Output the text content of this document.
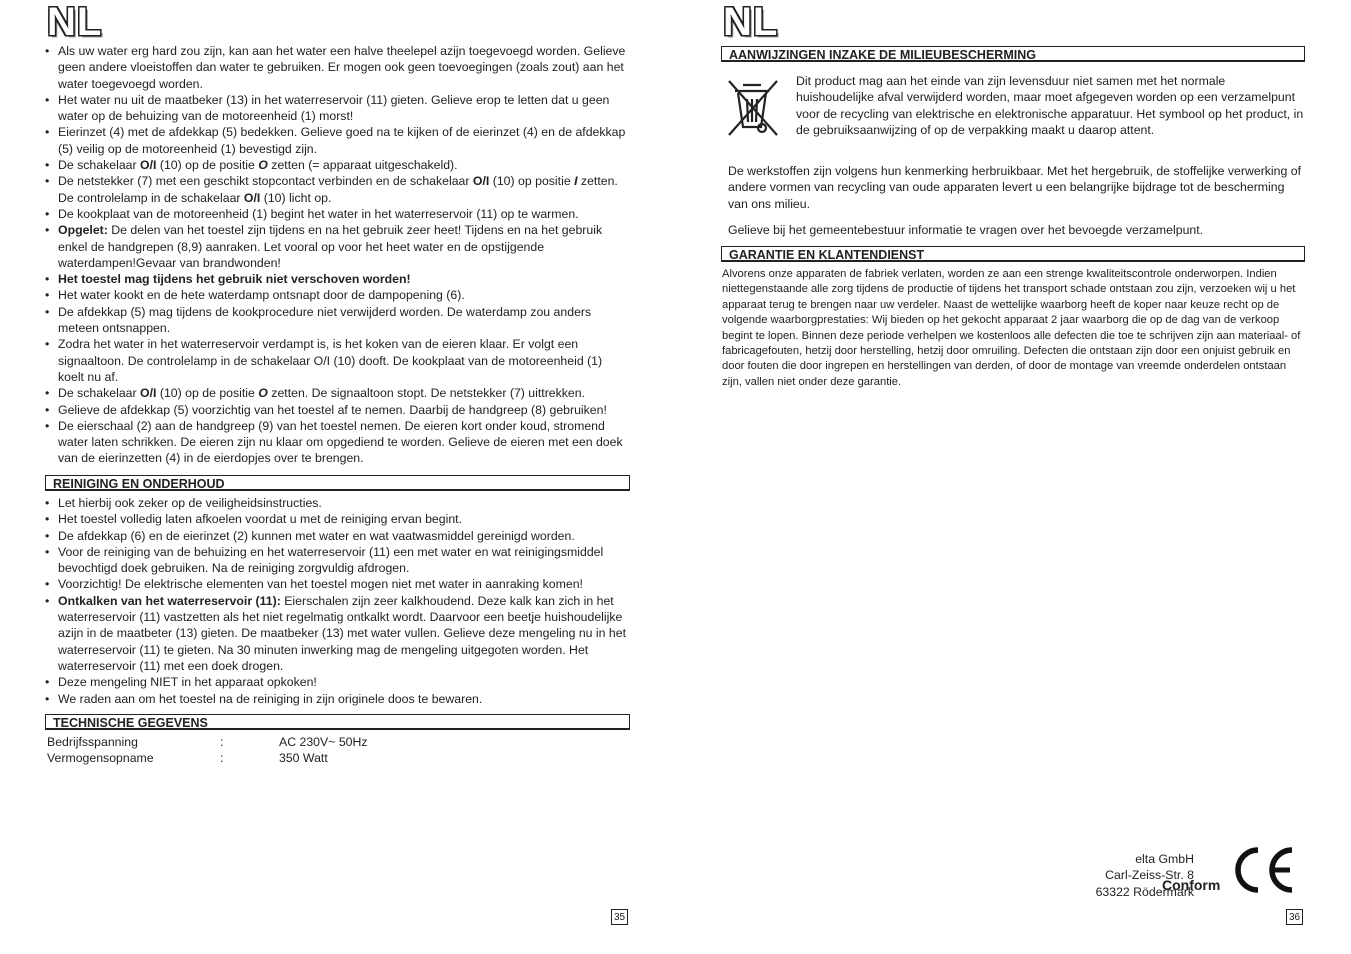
NL
• Als uw water erg hard zou zijn, kan aan het water een halve theelepel azijn toegevoegd worden. Gelieve geen andere vloeistoffen dan water te gebruiken. Er mogen ook geen toevoegingen (zoals zout) aan het water toegevoegd worden.
• Het water nu uit de maatbeker (13) in het waterreservoir (11) gieten. Gelieve erop te letten dat u geen water op de behuizing van de motoreenheid (1) morst!
• Eierinzet (4) met de afdekkap (5) bedekken. Gelieve goed na te kijken of de eierinzet (4) en de afdekkap (5) veilig op de motoreenheid (1) bevestigd zijn.
• De schakelaar O/I (10) op de positie O zetten (= apparaat uitgeschakeld).
• De netstekker (7) met een geschikt stopcontact verbinden en de schakelaar O/I (10) op positie I zetten. De controlelamp in de schakelaar O/I (10) licht op.
• De kookplaat van de motoreenheid (1) begint het water in het waterreservoir (11) op te warmen.
• Opgelet: De delen van het toestel zijn tijdens en na het gebruik zeer heet! Tijdens en na het gebruik enkel de handgrepen (8,9) aanraken. Let vooral op voor het heet water en de opstijgende waterdampen!Gevaar van brandwonden!
• Het toestel mag tijdens het gebruik niet verschoven worden!
• Het water kookt en de hete waterdamp ontsnapt door de dampopening (6).
• De afdekkap (5) mag tijdens de kookprocedure niet verwijderd worden. De waterdamp zou anders meteen ontsnappen.
• Zodra het water in het waterreservoir verdampt is, is het koken van de eieren klaar. Er volgt een signaaltoon. De controlelamp in de schakelaar O/I (10) dooft. De kookplaat van de motoreenheid (1) koelt nu af.
• De schakelaar O/I (10) op de positie O zetten. De signaaltoon stopt. De netstekker (7) uittrekken.
• Gelieve de afdekkap (5) voorzichtig van het toestel af te nemen. Daarbij de handgreep (8) gebruiken!
• De eierschaal (2) aan de handgreep (9) van het toestel nemen. De eieren kort onder koud, stromend water laten schrikken. De eieren zijn nu klaar om opgediend te worden. Gelieve de eieren met een doek van de eierinzetten (4) in de eierdopjes over te brengen.
REINIGING EN ONDERHOUD
• Let hierbij ook zeker op de veiligheidsinstructies.
• Het toestel volledig laten afkoelen voordat u met de reiniging ervan begint.
• De afdekkap (6) en de eierinzet (2) kunnen met water en wat vaatwasmiddel gereinigd worden.
• Voor de reiniging van de behuizing en het waterreservoir (11) een met water en wat reinigingsmiddel bevochtigd doek gebruiken. Na de reiniging zorgvuldig afdrogen.
• Voorzichtig! De elektrische elementen van het toestel mogen niet met water in aanraking komen!
• Ontkalken van het waterreservoir (11): Eierschalen zijn zeer kalkhoudend. Deze kalk kan zich in het waterreservoir (11) vastzetten als het niet regelmatig ontkalkt wordt. Daarvoor een beetje huishoudelijke azijn in de maatbeter (13) gieten. De maatbeker (13) met water vullen. Gelieve deze mengeling nu in het waterreservoir (11) te gieten. Na 30 minuten inwerking mag de mengeling uitgegoten worden. Het waterreservoir (11) met een doek drogen.
• Deze mengeling NIET in het apparaat opkoken!
• We raden aan om het toestel na de reiniging in zijn originele doos te bewaren.
TECHNISCHE GEGEVENS
Bedrijfsspanning	:	AC 230V~ 50Hz
Vermogensopname	:	350 Watt
35
NL
AANWIJZINGEN INZAKE DE MILIEUBESCHERMING
Dit product mag aan het einde van zijn levensduur niet samen met het normale huishoudelijke afval verwijderd worden, maar moet afgegeven worden op een verzamelpunt voor de recycling van elektrische en elektronische apparatuur. Het symbool op het product, in de gebruiksaanwijzing of op de verpakking maakt u daarop attent.
De werkstoffen zijn volgens hun kenmerking herbruikbaar. Met het hergebruik, de stoffelijke verwerking of andere vormen van recycling van oude apparaten levert u een belangrijke bijdrage tot de bescherming van ons milieu.
Gelieve bij het gemeentebestuur informatie te vragen over het bevoegde verzamelpunt.
GARANTIE EN KLANTENDIENST
Alvorens onze apparaten de fabriek verlaten, worden ze aan een strenge kwaliteitscontrole onderworpen. Indien niettegenstaande alle zorg tijdens de productie of tijdens het transport schade ontstaan zou zijn, verzoeken wij u het apparaat terug te brengen naar uw verdeler. Naast de wettelijke waarborg heeft de koper naar keuze recht op de volgende waarborgprestaties: Wij bieden op het gekocht apparaat 2 jaar waarborg die op de dag van de verkoop begint te lopen. Binnen deze periode verhelpen we kostenloos alle defecten die toe te schrijven zijn aan materiaal- of fabricagefouten, hetzij door herstelling, hetzij door omruiling. Defecten die ontstaan zijn door een onjuist gebruik en door fouten die door ingrepen en herstellingen van derden, of door de montage van vreemde onderdelen ontstaan zijn, vallen niet onder deze garantie.
36
elta GmbH
Carl-Zeiss-Str. 8
63322 Rödermark
Conform
